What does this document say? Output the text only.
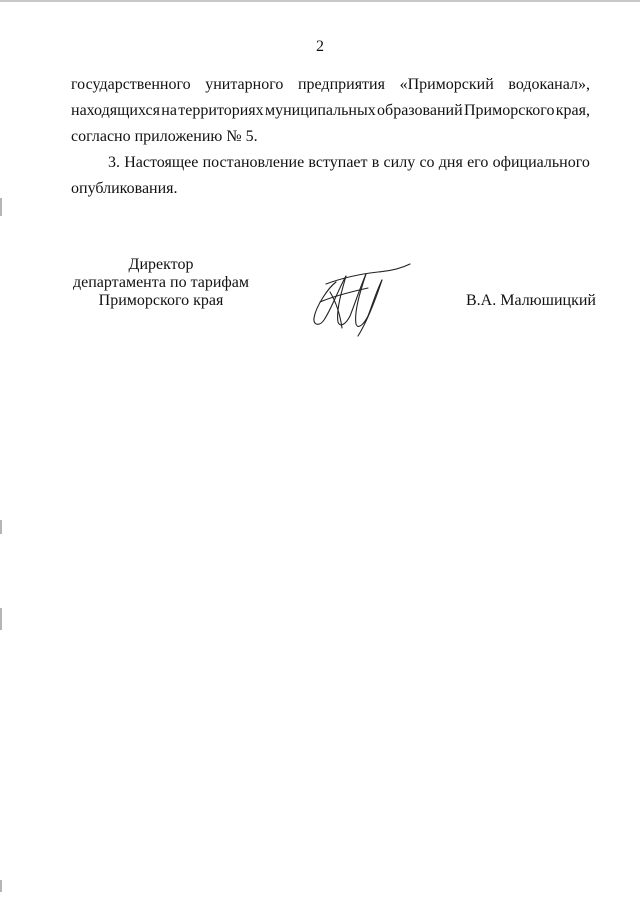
2
государственного унитарного предприятия «Приморский водоканал»,
находящихся на территориях муниципальных образований Приморского края,
согласно приложению № 5.
3. Настоящее постановление вступает в силу со дня его официального
опубликования.
Директор
департамента по тарифам
Приморского края	В.А. Малюшицкий
